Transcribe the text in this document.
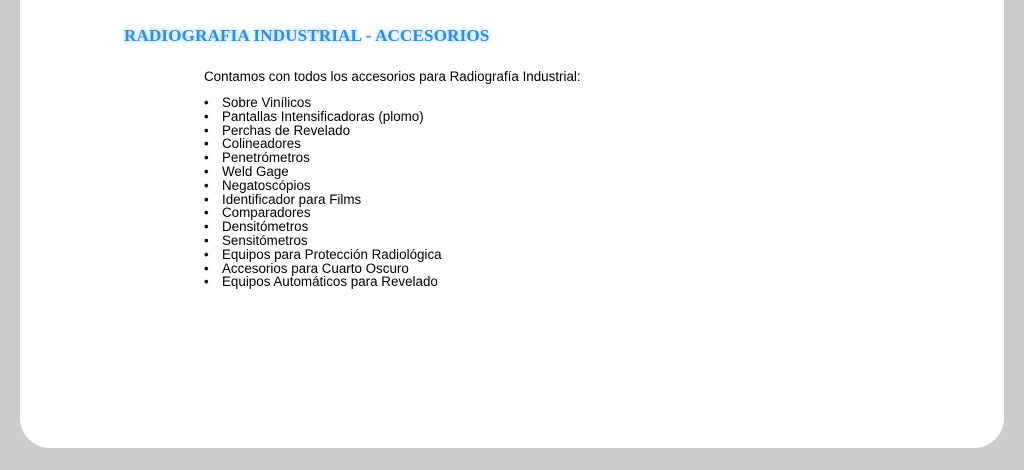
RADIOGRAFIA INDUSTRIAL - ACCESORIOS

Contamos con todos los accesorios para Radiografía Industrial:

• Sobre Vinílicos
• Pantallas Intensificadoras (plomo)
• Perchas de Revelado
• Colineadores
• Penetrómetros
• Weld Gage
• Negatoscópios
• Identificador para Films
• Comparadores
• Densitómetros
• Sensitómetros
• Equipos para Protección Radiológica
• Accesorios para Cuarto Oscuro
• Equipos Automáticos para Revelado
